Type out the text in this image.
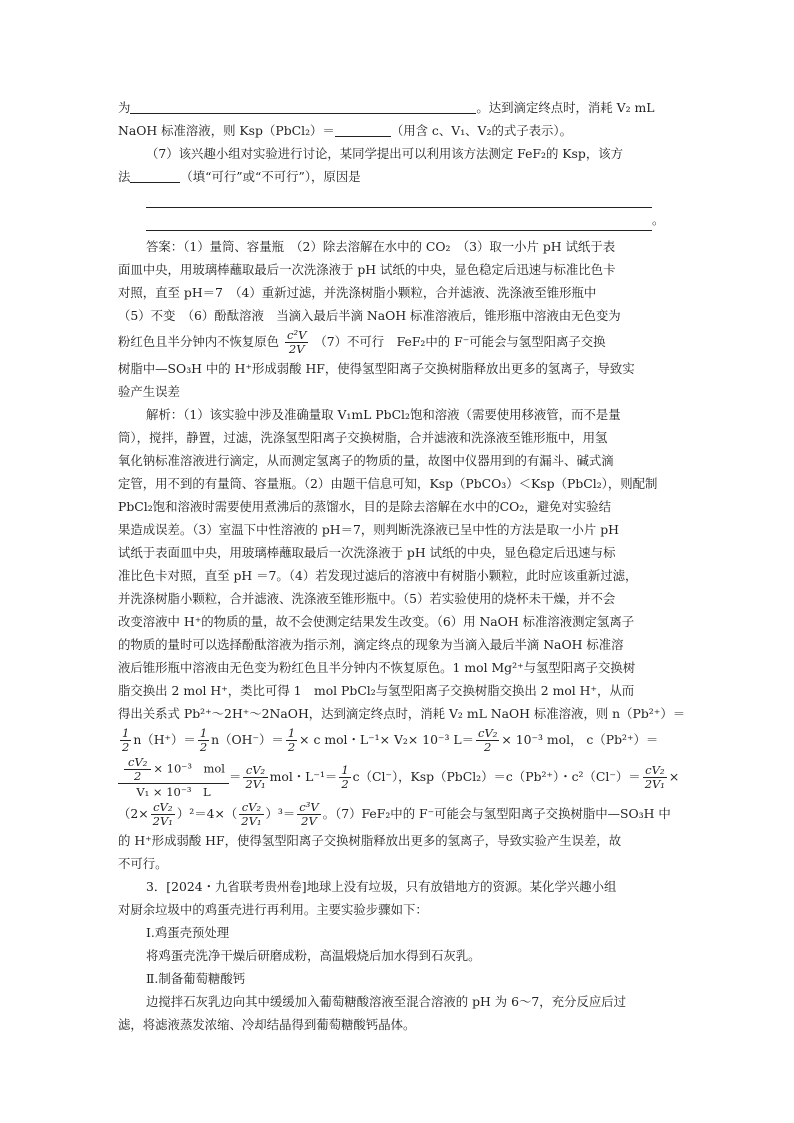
为	。达到滴定终点时，消耗 V₂ mL
NaOH 标准溶液，则 Ksp（PbCl₂）＝	（用含 c、V₁、V₂的式子表示）。
（7）该兴趣小组对实验进行讨论，某同学提出可以利用该方法测定 FeF₂的 Ksp，该方
法	（填“可行”或“不可行”），原因是
。
答案：（1）量筒、容量瓶　（2）除去溶解在水中的 CO₂　（3）取一小片 pH 试纸于表
面皿中央，用玻璃棒蘸取最后一次洗涤液于 pH 试纸的中央，显色稳定后迅速与标准比色卡
对照，直至 pH＝7　（4）重新过滤，并洗涤树脂小颗粒，合并滤液、洗涤液至锥形瓶中
（5）不变　（6）酚酞溶液　当滴入最后半滴 NaOH 标准溶液后，锥形瓶中溶液由无色变为
粉红色且半分钟内不恢复原色 $\frac{\text{c²V}}{2V} (7)$不可行　FeF₂中的 F⁻可能会与氢型阳离子交换
树脂中—SO₃H 中的 H⁺形成弱酸 HF，使得氢型阳离子交换树脂释放出更多的氢离子，导致实
验产生误差
解析：（1）该实验中涉及准确量取 V₁mL PbCl₂饱和溶液（需要使用移液管，而不是量
筒），搅拌，静置，过滤，洗涤氢型阳离子交换树脂，合并滤液和洗涤液至锥形瓶中，用氢
氧化钠标准溶液进行滴定，从而测定氢离子的物质的量，故图中仪器用到的有漏斗、碱式滴
定管，用不到的有量筒、容量瓶。（2）由题干信息可知，Ksp（PbCO₃）＜Ksp（PbCl₂），则配制
PbCl₂饱和溶液时需要使用煮沸后的蒸馏水，目的是除去溶解在水中的CO₂，避免对实验结
果造成误差。（3）室温下中性溶液的 pH＝7，则判断洗涤液已呈中性的方法是取一小片 pH
试纸于表面皿中央，用玻璃棒蘸取最后一次洗涤液于 pH 试纸的中央，显色稳定后迅速与标
准比色卡对照，直至 pH ＝7。（4）若发现过滤后的溶液中有树脂小颗粒，此时应该重新过滤，
并洗涤树脂小颗粒，合并滤液、洗涤液至锥形瓶中。（5）若实验使用的烧杯未干燥，并不会
改变溶液中 H⁺的物质的量，故不会使测定结果发生改变。（6）用 NaOH 标准溶液测定氢离子
的物质的量时可以选择酚酞溶液为指示剂，滴定终点的现象为当滴入最后半滴 NaOH 标准溶
液后锥形瓶中溶液由无色变为粉红色且半分钟内不恢复原色。1 mol Mg²⁺与氢型阳离子交换树
脂交换出 2 mol H⁺，类比可得 1　mol PbCl₂与氢型阳离子交换树脂交换出 2 mol H⁺，从而
得出关系式 Pb²⁺～2H⁺～2NaOH，达到滴定终点时，消耗 V₂ mL NaOH 标准溶液，则 n（Pb²⁺）＝
$\frac{1}{2} n(H^+)= \frac{1}{2} n(OH^-)= \frac{1}{2} \times c$ mol・L⁻¹× V₂× 10⁻³ $L= \frac{\text{cV₂}}{2} \times 10^{-3}$ mol， c（Pb²⁺）＝
$\frac{\frac{\text{cV₂}}{2} \times 10^{-3} mol}{\text{V₁ × 10⁻³　L}} = \frac{\text{cV₂}}{\text{2V₁}}$ mol・$L^{-1}= \frac{1}{2} c(Cl^-)$，Ksp（PbCl₂）＝c（Pb²⁺）・$c^2(Cl^-)= \frac{\text{cV₂}}{\text{2V₁}}$ ×
$(2\times \frac{\text{cV₂}}{\text{2V₁}} )^2=4\times( \frac{\text{cV₂}}{\text{2V₁}} )^3= \frac{\text{c³V}}{2V}$ 。（7）FeF₂中的 F⁻可能会与氢型阳离子交换树脂中—SO₃H 中
的 H⁺形成弱酸 HF，使得氢型阳离子交换树脂释放出更多的氢离子，导致实验产生误差，故
不可行。
3．[2024・九省联考贵州卷]地球上没有垃圾，只有放错地方的资源。某化学兴趣小组
对厨余垃圾中的鸡蛋壳进行再利用。主要实验步骤如下：
Ⅰ.鸡蛋壳预处理
将鸡蛋壳洗净干燥后研磨成粉，高温煅烧后加水得到石灰乳。
Ⅱ.制备葡萄糖酸钙
边搅拌石灰乳边向其中缓缓加入葡萄糖酸溶液至混合溶液的 pH 为 6～7，充分反应后过
滤，将滤液蒸发浓缩、冷却结晶得到葡萄糖酸钙晶体。
